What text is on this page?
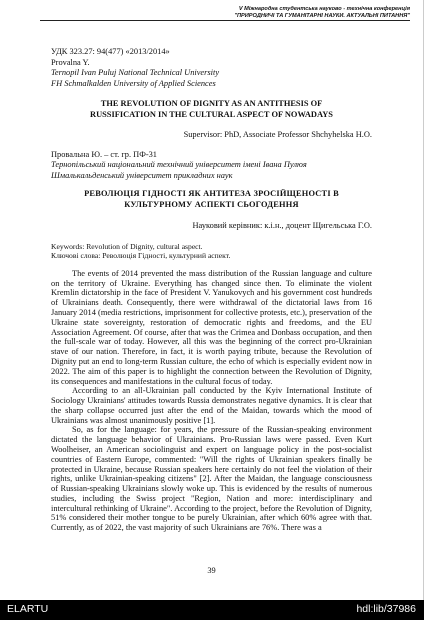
V Міжнародна студентська науково - технічна конференція
"ПРИРОДНИЧІ ТА ГУМАНІТАРНІ НАУКИ. АКТУАЛЬНІ ПИТАННЯ"
УДК 323.27: 94(477) «2013/2014»
Provalna Y.
Ternopil Ivan Puluj National Technical University
FH Schmalkalden University of Applied Sciences
THE REVOLUTION OF DIGNITY AS AN ANTITHESIS OF
RUSSIFICATION IN THE CULTURAL ASPECT OF NOWADAYS
Supervisor: PhD, Associate Professor Shchyhelska H.O.
Провальна Ю. – ст. гр. ПФ-31
Тернопільський національний технічний університет імені Івана Пулюя
Шмалькальденський університет прикладних наук
РЕВОЛЮЦІЯ ГІДНОСТІ ЯК АНТИТЕЗА ЗРОСІЙЩЕНОСТІ В
КУЛЬТУРНОМУ АСПЕКТІ СЬОГОДЕННЯ
Науковий керівник: к.і.н., доцент Щигельська Г.О.
Keywords: Revolution of Dignity, cultural aspect.
Ключові слова: Революція Гідності, культурний аспект.

The events of 2014 prevented the mass distribution of the Russian language and culture on the territory of Ukraine. Everything has changed since then. To eliminate the violent Kremlin dictatorship in the face of President V. Yanukovych and his government cost hundreds of Ukrainians death. Consequently, there were withdrawal of the dictatorial laws from 16 January 2014 (media restrictions, imprisonment for collective protests, etc.), preservation of the Ukraine state sovereignty, restoration of democratic rights and freedoms, and the EU Association Agreement. Of course, after that was the Crimea and Donbass occupation, and then the full-scale war of today. However, all this was the beginning of the correct pro-Ukrainian stave of our nation. Therefore, in fact, it is worth paying tribute, because the Revolution of Dignity put an end to long-term Russian culture, the echo of which is especially evident now in 2022. The aim of this paper is to highlight the connection between the Revolution of Dignity, its consequences and manifestations in the cultural focus of today.

According to an all-Ukrainian pall conducted by the Kyiv International Institute of Sociology Ukrainians' attitudes towards Russia demonstrates negative dynamics. It is clear that the sharp collapse occurred just after the end of the Maidan, towards which the mood of Ukrainians was almost unanimously positive [1].

So, as for the language: for years, the pressure of the Russian-speaking environment dictated the language behavior of Ukrainians. Pro-Russian laws were passed. Even Kurt Woolheiser, an American sociolinguist and expert on language policy in the post-socialist countries of Eastern Europe, commented: "Will the rights of Ukrainian speakers finally be protected in Ukraine, because Russian speakers here certainly do not feel the violation of their rights, unlike Ukrainian-speaking citizens" [2]. After the Maidan, the language consciousness of Russian-speaking Ukrainians slowly woke up. This is evidenced by the results of numerous studies, including the Swiss project "Region, Nation and more: interdisciplinary and intercultural rethinking of Ukraine". According to the project, before the Revolution of Dignity, 51% considered their mother tongue to be purely Ukrainian, after which 60% agree with that. Currently, as of 2022, the vast majority of such Ukrainians are 76%. There was a

39
ELARTU	hdl:lib/37986
